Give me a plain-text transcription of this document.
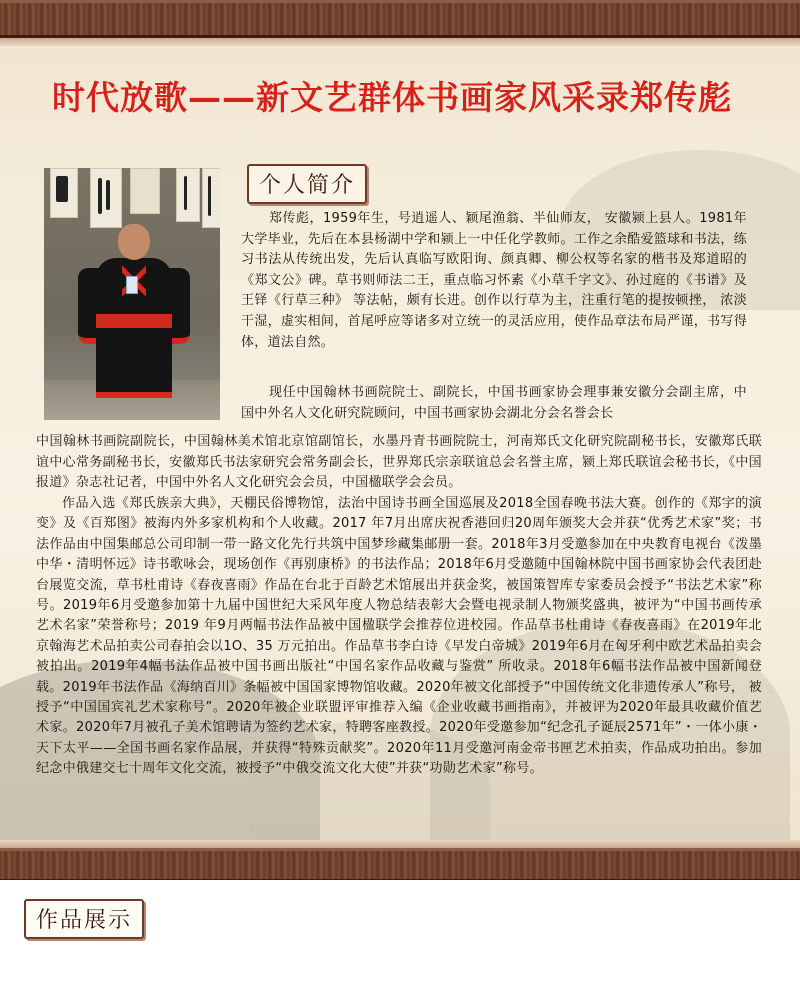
时代放歌——新文艺群体书画家风采录郑传彪
个人简介

郑传彪，1959年生，号逍遥人、颖尾渔翁、半仙师友， 安徽颍上县人。1981年大学毕业，先后在本县杨湖中学和颍上一中任化学教师。工作之余酷爱篮球和书法，练习书法从传统出发，先后认真临写欧阳询、颜真卿、柳公权等名家的楷书及郑道昭的《郑文公》碑。草书则师法二王，重点临习怀素《小草千字文》、孙过庭的《书谱》及王铎《行草三种》 等法帖，颇有长进。创作以行草为主，注重行笔的提按顿挫， 浓淡干湿，虚实相间，首尾呼应等诸多对立统一的灵活应用，使作品章法布局严谨，书写得体，道法自然。

现任中国翰林书画院院士、副院长，中国书画家协会理事兼安徽分会副主席，中国中外名人文化研究院顾问，中国书画家协会湖北分会名誉会长

中国翰林书画院副院长，中国翰林美术馆北京馆副馆长，水墨丹青书画院院士，河南郑氏文化研究院副秘书长，安徽郑氏联谊中心常务副秘书长，安徽郑氏书法家研究会常务副会长，世界郑氏宗亲联谊总会名誉主席，颍上郑氏联谊会秘书长，《中国报道》杂志社记者，中国中外名人文化研究会会员，中国楹联学会会员。

作品入选《郑氏族亲大典》，天棚民俗博物馆，法治中国诗书画全国巡展及2018全国春晚书法大赛。创作的《郑字的演变》及《百郑图》被海内外多家机构和个人收藏。2017 年7月出席庆祝香港回归20周年颁奖大会并获“优秀艺术家”奖；书法作品由中国集邮总公司印制一带一路文化先行共筑中国梦珍藏集邮册一套。2018年3月受邀参加在中央教育电视台《泼墨中华・清明怀远》诗书歌咏会，现场创作《再别康桥》的书法作品；2018年6月受邀随中国翰林院中国书画家协会代表团赴台展览交流，草书杜甫诗《春夜喜雨》作品在台北于百龄艺术馆展出并获金奖，被国策智库专家委员会授予“书法艺术家”称号。2019年6月受邀参加第十九届中国世纪大采风年度人物总结表彰大会暨电视录制人物颁奖盛典，被评为“中国书画传承艺术名家”荣誉称号；2019 年9月两幅书法作品被中国楹联学会推荐位进校园。作品草书杜甫诗《春夜喜雨》在2019年北京翰海艺术品拍卖公司春拍会以1O、35 万元拍出。作品草书李白诗《早发白帝城》2019年6月在匈牙利中欧艺术品拍卖会被拍出。2019年4幅书法作品被中国书画出版社“中国名家作品收藏与鉴赏” 所收录。2018年6幅书法作品被中国新闻登载。2019年书法作品《海纳百川》条幅被中国国家博物馆收藏。2020年被文化部授予“中国传统文化非遗传承人”称号， 被授予“中国国宾礼艺术家称号”。2020年被企业联盟评审推荐入编《企业收藏书画指南》，并被评为2020年最具收藏价值艺术家。2020年7月被孔子美术馆聘请为签约艺术家，特聘客座教授。2020年受邀参加“纪念孔子诞辰2571年”・一体小康・天下太平——全国书画名家作品展，并获得“特殊贡献奖”。2020年11月受邀河南金帝书匣艺术拍卖，作品成功拍出。参加纪念中俄建交七十周年文化交流，被授予“中俄交流文化大使”并获“功勋艺术家”称号。

作品展示
